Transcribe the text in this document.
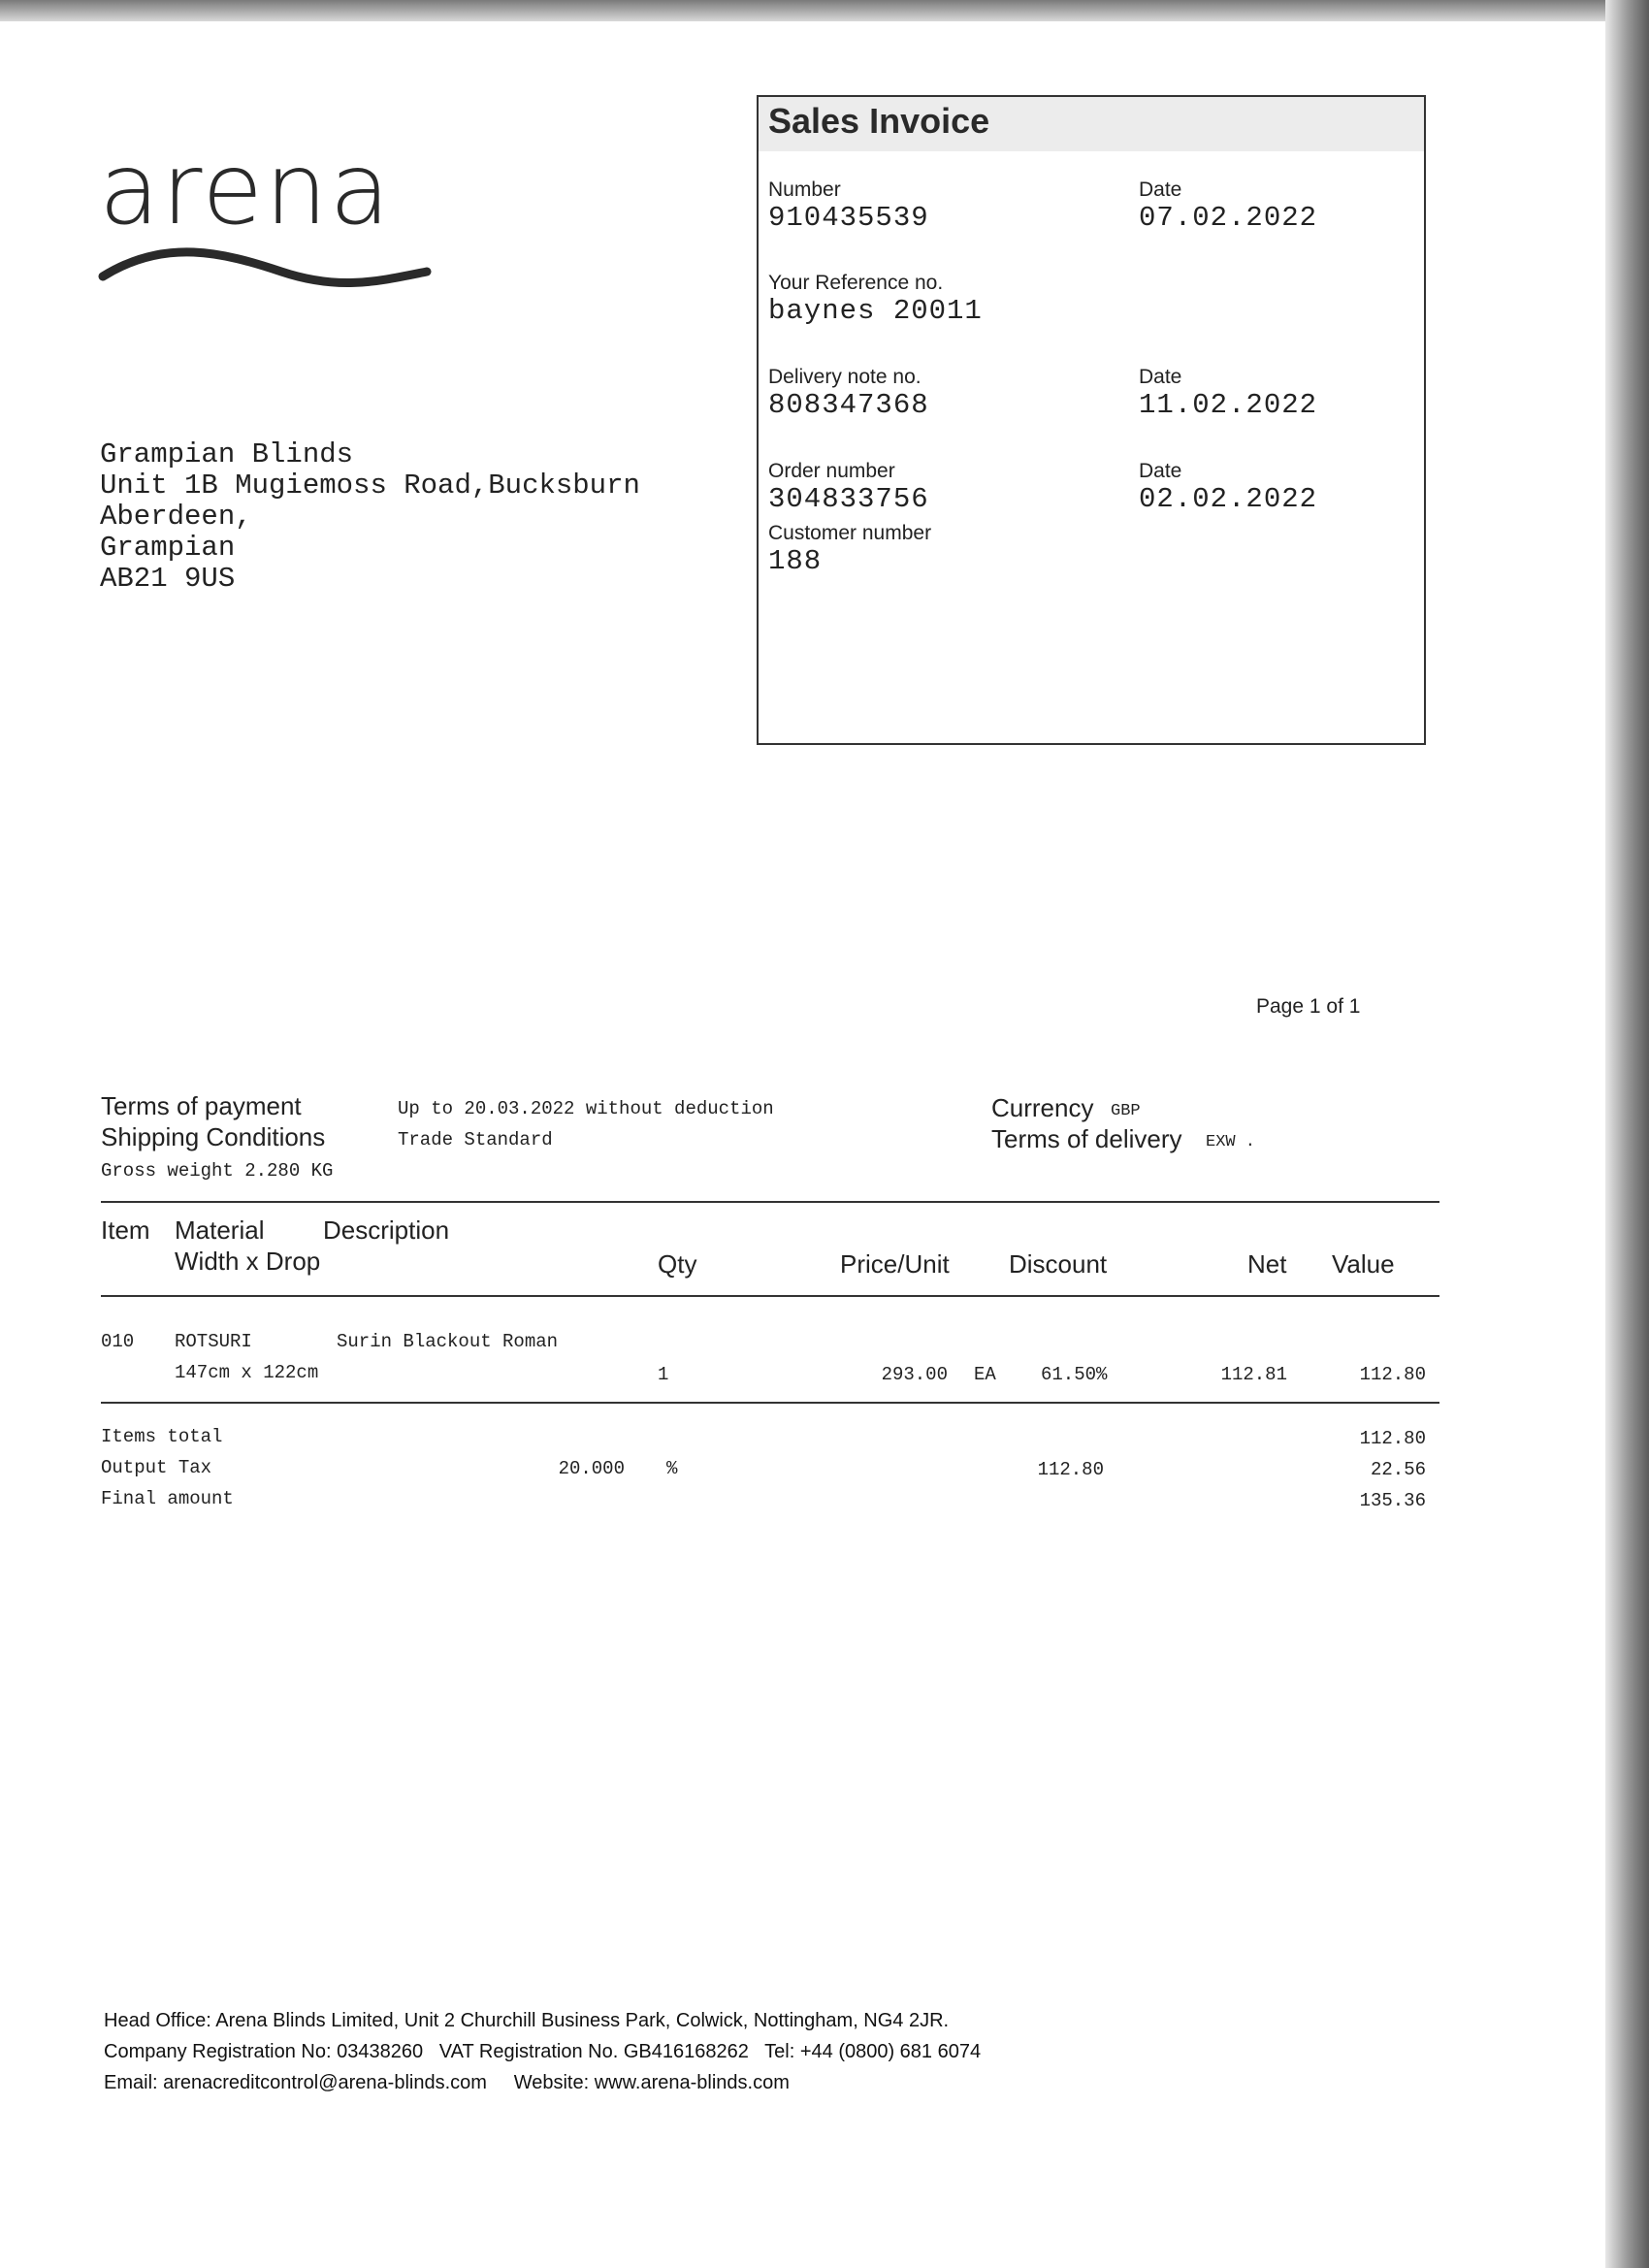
arena
Sales Invoice
Number
910435539
Date
07.02.2022
Your Reference no.
baynes 20011
Delivery note no.
808347368
Date
11.02.2022
Order number
304833756
Date
02.02.2022
Customer number
188
Grampian Blinds
Unit 1B Mugiemoss Road,Bucksburn
Aberdeen,
Grampian
AB21 9US
Page 1 of 1
Terms of payment	Up to 20.03.2022 without deduction
Shipping Conditions	Trade Standard
Gross weight 2.280 KG
Currency GBP
Terms of delivery EXW .
Item Material Description
Width x Drop	Qty	Price/Unit Discount	Net Value
010 ROTSURI	Surin Blackout Roman
147cm x 122cm	1	293.00 EA 61.50%	112.81	112.80
Items total	112.80
Output Tax	20.000 %	112.80	22.56
Final amount	135.36
Head Office: Arena Blinds Limited, Unit 2 Churchill Business Park, Colwick, Nottingham, NG4 2JR.
Company Registration No: 03438260   VAT Registration No. GB416168262   Tel: +44 (0800) 681 6074
Email: arenacreditcontrol@arena-blinds.com     Website: www.arena-blinds.com
